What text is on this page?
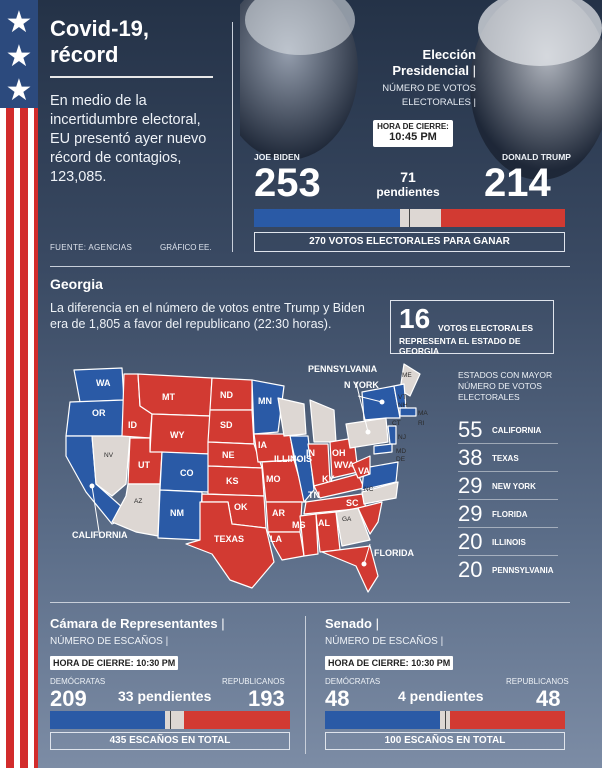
★
★
★
Covid-19,
récord
En medio de la incertidumbre electoral, EU presentó ayer nuevo récord de contagios, 123,085.
FUENTE: AGENCIAS	GRÁFICO EE.
Elección
Presidencial |
NÚMERO DE VOTOS
ELECTORALES |
HORA DE CIERRE:
10:45 PM
JOE BIDEN
253
DONALD TRUMP
214
71
pendientes
270 VOTOS ELECTORALES PARA GANAR
Georgia
La diferencia en el número de votos entre Trump y Biden era de 1,805 a favor del republicano (22:30 horas).	16 VOTOS ELECTORALES
REPRESENTA EL ESTADO DE GEORGIA
WA
OR
NV
ID
MT
WY
UT
CO
AZ
NM
ND
SD
NE
KS
OK
MN
IA
MO
AR
LA
IN OH
KY
TN
MS AL GA
SC
NC
VA
WVA
ME
VT
NH
MA
RI
CT
NJ
MD
DE
PENNSYLVANIA
N YORK
ILLINOIS
CALIFORNIA	TEXAS
FLORIDA
ESTADOS CON MAYOR NÚMERO DE VOTOS ELECTORALES
55 CALIFORNIA
38 TEXAS
29 NEW YORK
29 FLORIDA
20 ILLINOIS
20 PENNSYLVANIA
Cámara de Representantes |
NÚMERO DE ESCAÑOS |
HORA DE CIERRE: 10:30 PM
DEMÓCRATAS
209
REPUBLICANOS
193
33 pendientes
435 ESCAÑOS EN TOTAL
Senado |
NÚMERO DE ESCAÑOS |
HORA DE CIERRE: 10:30 PM
DEMÓCRATAS
48
REPUBLICANOS
48
4 pendientes
100 ESCAÑOS EN TOTAL
